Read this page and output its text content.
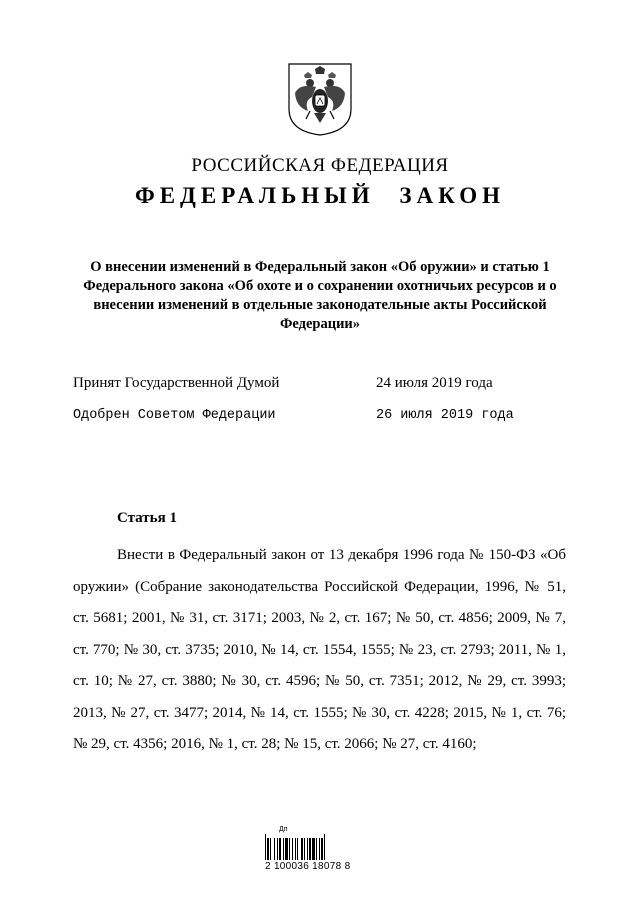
РОССИЙСКАЯ ФЕДЕРАЦИЯ
ФЕДЕРАЛЬНЫЙ ЗАКОН
О внесении изменений в Федеральный закон «Об оружии» и статью 1 Федерального закона «Об охоте и о сохранении охотничьих ресурсов и о внесении изменений в отдельные законодательные акты Российской Федерации»
Принят Государственной Думой	24 июля 2019 года
Одобрен Советом Федерации	26 июля 2019 года
Статья 1
Внести в Федеральный закон от 13 декабря 1996 года № 150-ФЗ «Об оружии» (Собрание законодательства Российской Федерации, 1996, № 51, ст. 5681; 2001, № 31, ст. 3171; 2003, № 2, ст. 167; № 50, ст. 4856; 2009, № 7, ст. 770; № 30, ст. 3735; 2010, № 14, ст. 1554, 1555; № 23, ст. 2793; 2011, № 1, ст. 10; № 27, ст. 3880; № 30, ст. 4596; № 50, ст. 7351; 2012, № 29, ст. 3993; 2013, № 27, ст. 3477; 2014, № 14, ст. 1555; № 30, ст. 4228; 2015, № 1, ст. 76; № 29, ст. 4356; 2016, № 1, ст. 28; № 15, ст. 2066; № 27, ст. 4160;
Дп
2 100036 18078 8
